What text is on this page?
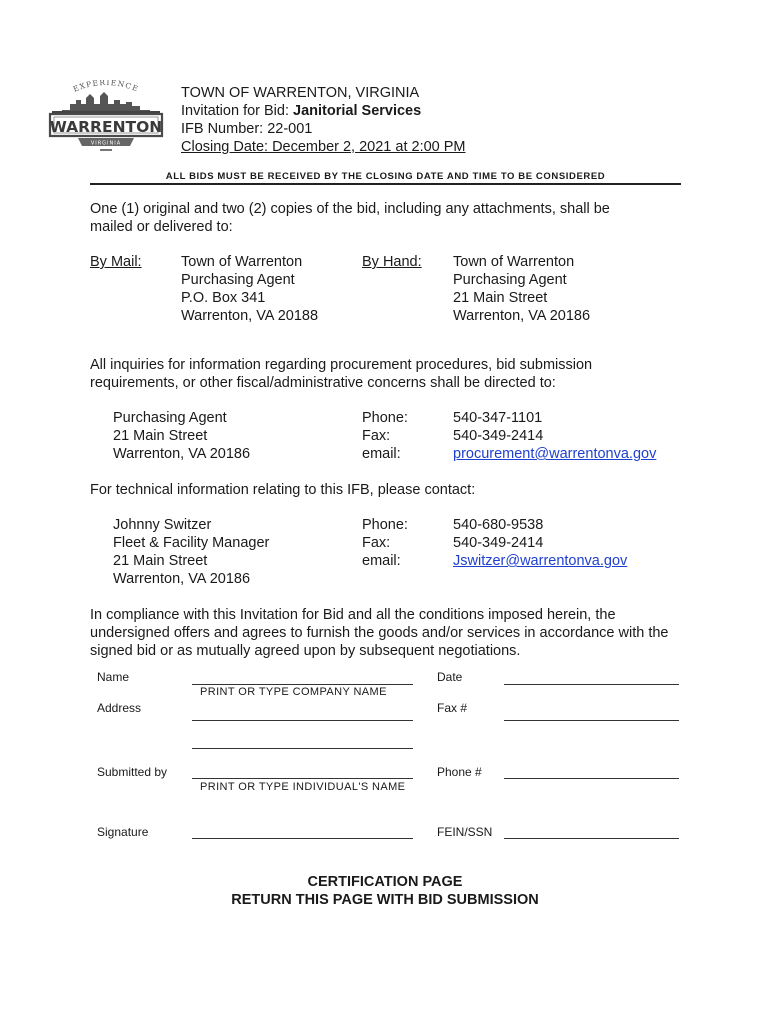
EXPERIENCE
WARRENTON
VIRGINIA
TOWN OF WARRENTON, VIRGINIA
Invitation for Bid: Janitorial Services
IFB Number: 22-001
Closing Date: December 2, 2021 at 2:00 PM
ALL BIDS MUST BE RECEIVED BY THE CLOSING DATE AND TIME TO BE CONSIDERED
One (1) original and two (2) copies of the bid, including any attachments, shall be mailed or delivered to:
By Mail:	Town of Warrenton
Purchasing Agent
P.O. Box 341
Warrenton, VA 20188
By Hand: Town of Warrenton
Purchasing Agent
21 Main Street
Warrenton, VA 20186
All inquiries for information regarding procurement procedures, bid submission requirements, or other fiscal/administrative concerns shall be directed to:
Purchasing Agent
21 Main Street
Warrenton, VA 20186
Phone:
Fax:
email:
540-347-1101
540-349-2414
procurement@warrentonva.gov
For technical information relating to this IFB, please contact:
Johnny Switzer
Fleet & Facility Manager
21 Main Street
Warrenton, VA 20186
Phone:
Fax:
email:
540-680-9538
540-349-2414
Jswitzer@warrentonva.gov
In compliance with this Invitation for Bid and all the conditions imposed herein, the undersigned offers and agrees to furnish the goods and/or services in accordance with the signed bid or as mutually agreed upon by subsequent negotiations.
Name
PRINT OR TYPE COMPANY NAME
Address
Submitted by
PRINT OR TYPE INDIVIDUAL'S NAME
Signature
Date
Fax #
Phone #
FEIN/SSN
CERTIFICATION PAGE
RETURN THIS PAGE WITH BID SUBMISSION
